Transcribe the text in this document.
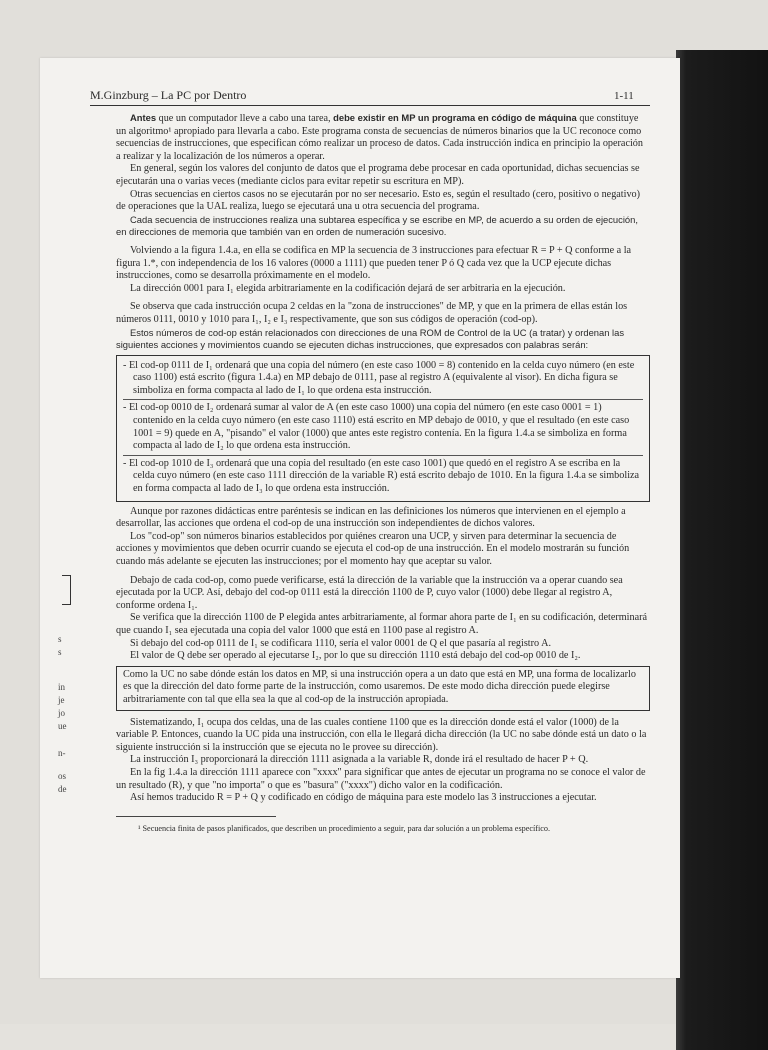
M.Ginzburg – La PC por Dentro	1-11
s
s
in
je
jo
ue
n-
os
de

Antes que un computador lleve a cabo una tarea, debe existir en MP un programa en código de máquina que constituye un algoritmo¹ apropiado para llevarla a cabo. Este programa consta de secuencias de números binarios que la UC reconoce como secuencias de instrucciones, que especifican cómo realizar un proceso de datos. Cada instrucción indica en principio la operación a realizar y la localización de los números a operar.

En general, según los valores del conjunto de datos que el programa debe procesar en cada oportunidad, dichas secuencias se ejecutarán una o varias veces (mediante ciclos para evitar repetir su escritura en MP).

Otras secuencias en ciertos casos no se ejecutarán por no ser necesario. Esto es, según el resultado (cero, positivo o negativo) de operaciones que la UAL realiza, luego se ejecutará una u otra secuencia del programa.

Cada secuencia de instrucciones realiza una subtarea específica y se escribe en MP, de acuerdo a su orden de ejecución, en direcciones de memoria que también van en orden de numeración sucesivo.

Volviendo a la figura 1.4.a, en ella se codifica en MP la secuencia de 3 instrucciones para efectuar R = P + Q conforme a la figura 1.*, con independencia de los 16 valores (0000 a 1111) que pueden tener P ó Q cada vez que la UCP ejecute dichas instrucciones, como se desarrolla próximamente en el modelo.

La dirección 0001 para I₁ elegida arbitrariamente en la codificación dejará de ser arbitraria en la ejecución.

Se observa que cada instrucción ocupa 2 celdas en la "zona de instrucciones" de MP, y que en la primera de ellas están los números 0111, 0010 y 1010 para I₁, I₂ e I₃ respectivamente, que son sus códigos de operación (cod-op).

Estos números de cod-op están relacionados con direcciones de una ROM de Control de la UC (a tratar) y ordenan las siguientes acciones y movimientos cuando se ejecuten dichas instrucciones, que expresados con palabras serán:

- El cod-op 0111 de I₁ ordenará que una copia del número (en este caso 1000 = 8) contenido en la celda cuyo número (en este caso 1100) está escrito (figura 1.4.a) en MP debajo de 0111, pase al registro A (equivalente al visor). En dicha figura se simboliza en forma compacta al lado de I₁ lo que ordena esta instrucción.

- El cod-op 0010 de I₂ ordenará sumar al valor de A (en este caso 1000) una copia del número (en este caso 0001 = 1) contenido en la celda cuyo número (en este caso 1110) está escrito en MP debajo de 0010, y que el resultado (en este caso 1001 = 9) quede en A, "pisando" el valor (1000) que antes este registro contenía. En la figura 1.4.a se simboliza en forma compacta al lado de I₂ lo que ordena esta instrucción.

- El cod-op 1010 de I₃ ordenará que una copia del resultado (en este caso 1001) que quedó en el registro A se escriba en la celda cuyo número (en este caso 1111 dirección de la variable R) está escrito debajo de 1010. En la figura 1.4.a se simboliza en forma compacta al lado de I₃ lo que ordena esta instrucción.

Aunque por razones didácticas entre paréntesis se indican en las definiciones los números que intervienen en el ejemplo a desarrollar, las acciones que ordena el cod-op de una instrucción son independientes de dichos valores.

Los "cod-op" son números binarios establecidos por quiénes crearon una UCP, y sirven para determinar la secuencia de acciones y movimientos que deben ocurrir cuando se ejecuta el cod-op de una instrucción. En el modelo mostrarán su función cuando más adelante se ejecuten las instrucciones; por el momento hay que aceptar su valor.

Debajo de cada cod-op, como puede verificarse, está la dirección de la variable que la instrucción va a operar cuando sea ejecutada por la UCP. Así, debajo del cod-op 0111 está la dirección 1100 de P, cuyo valor (1000) debe llegar al registro A, conforme ordena I₁.

Se verifica que la dirección 1100 de P elegida antes arbitrariamente, al formar ahora parte de I₁ en su codificación, determinará que cuando I₁ sea ejecutada una copia del valor 1000 que está en 1100 pase al registro A.

Si debajo del cod-op 0111 de I₁ se codificara 1110, sería el valor 0001 de Q el que pasaría al registro A.

El valor de Q debe ser operado al ejecutarse I₂, por lo que su dirección 1110 está debajo del cod-op 0010 de I₂.

Como la UC no sabe dónde están los datos en MP, si una instrucción opera a un dato que está en MP, una forma de localizarlo es que la dirección del dato forme parte de la instrucción, como usaremos. De este modo dicha dirección puede elegirse arbitrariamente con tal que ella sea la que al cod-op de la instrucción apropiada.

Sistematizando, I₁ ocupa dos celdas, una de las cuales contiene 1100 que es la dirección donde está el valor (1000) de la variable P. Entonces, cuando la UC pida una instrucción, con ella le llegará dicha dirección (la UC no sabe dónde está un dato o la siguiente instrucción si la instrucción que se ejecuta no le provee su dirección).

La instrucción I₃ proporcionará la dirección 1111 asignada a la variable R, donde irá el resultado de hacer P + Q.

En la fig 1.4.a la dirección 1111 aparece con "xxxx" para significar que antes de ejecutar un programa no se conoce el valor de un resultado (R), y que "no importa" o que es "basura" ("xxxx") dicho valor en la codificación.

Así hemos traducido R = P + Q y codificado en código de máquina para este modelo las 3 instrucciones a ejecutar.

¹ Secuencia finita de pasos planificados, que describen un procedimiento a seguir, para dar solución a un problema específico.
